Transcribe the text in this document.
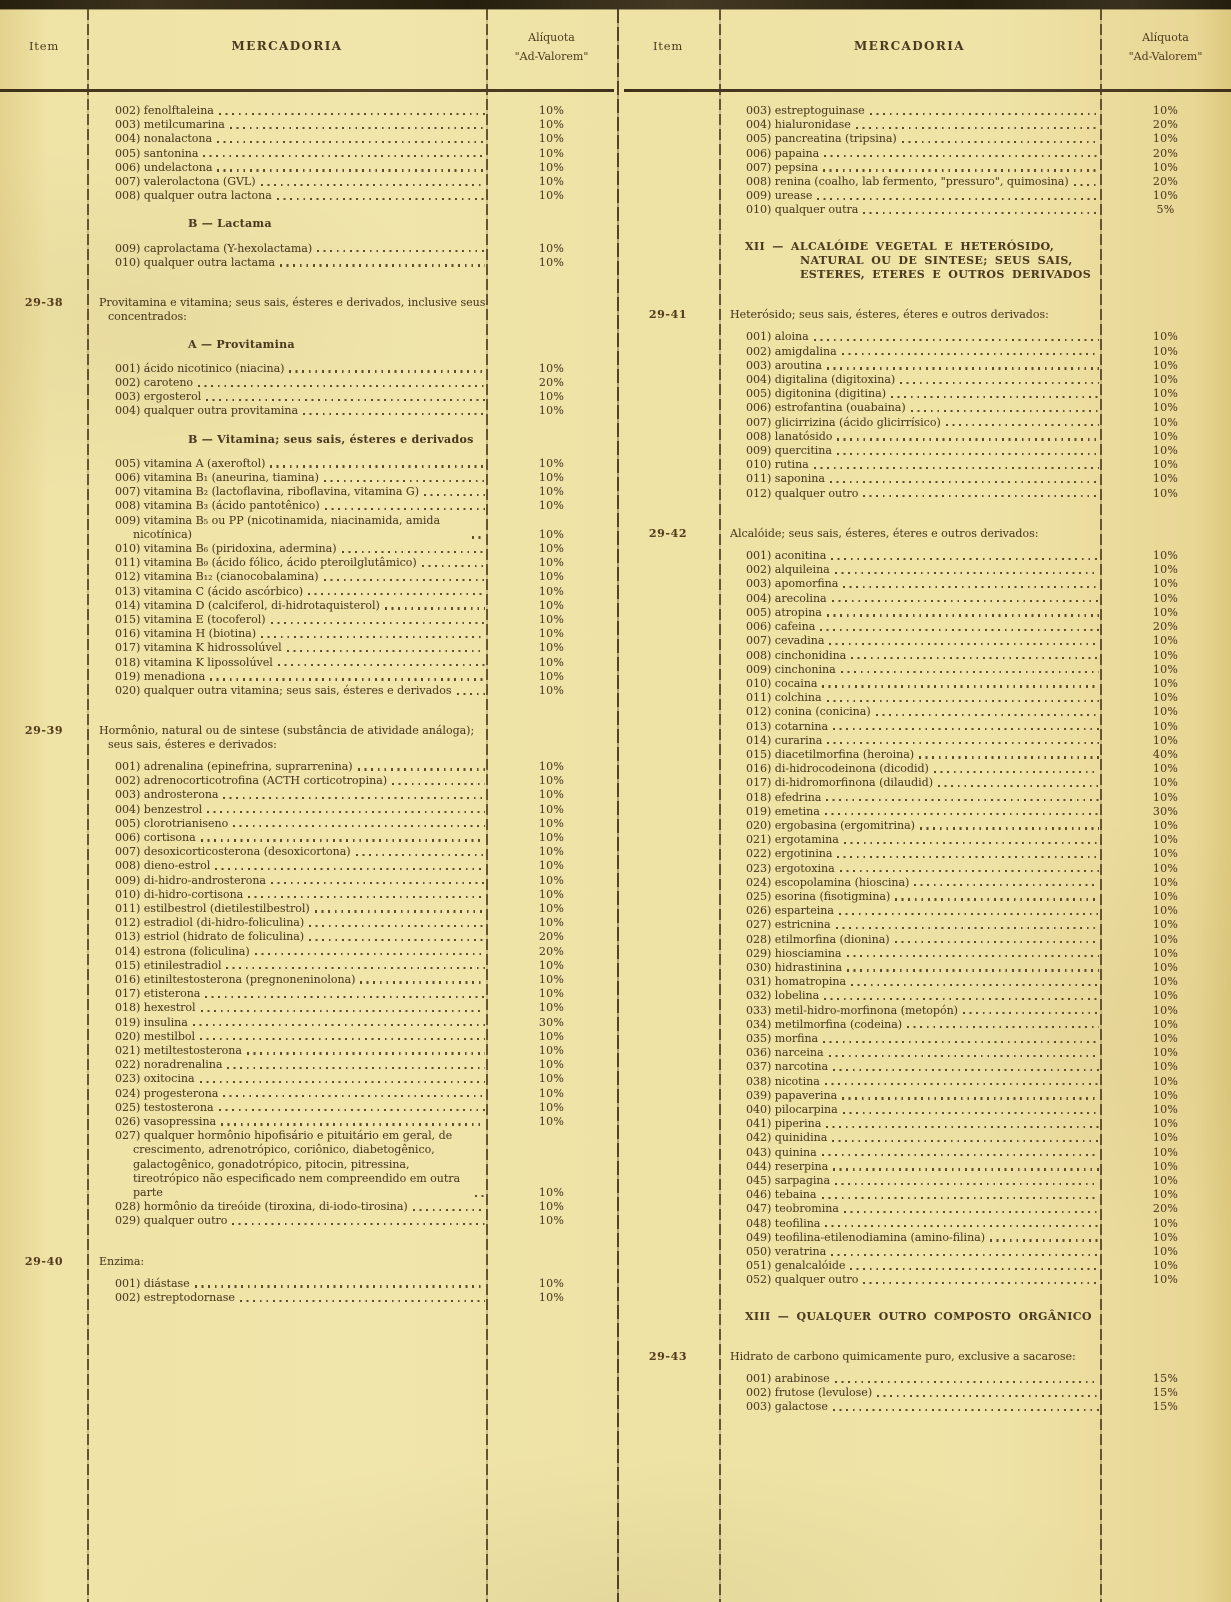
Item	MERCADORIA
Alíquota
"Ad-Valorem"
002) fenolftaleina	10%
003) metilcumarina	10%
004) nonalactona	10%
005) santonina	10%
006) undelactona	10%
007) valerolactona (GVL)	10%
008) qualquer outra lactona	10%
B — Lactama
009) caprolactama (Y-hexolactama)	10%
010) qualquer outra lactama	10%
29-38	Provitamina e vitamina; seus sais, ésteres e derivados, inclusive seus concentrados:
A — Provitamina
001) ácido nicotinico (niacina)	10%
002) caroteno	20%
003) ergosterol	10%
004) qualquer outra provitamina	10%
B — Vitamina; seus sais, ésteres e derivados
005) vitamina A (axeroftol)	10%
006) vitamina B₁ (aneurina, tiamina)	10%
007) vitamina B₂ (lactoflavina, riboflavina, vitamina G)	10%
008) vitamina B₃ (ácido pantotênico)	10%
009) vitamina B₅ ou PP (nicotinamida, niacinamida, amida nicotínica)	10%
010) vitamina B₆ (piridoxina, adermina)	10%
011) vitamina B₉ (ácido fólico, ácido pteroilglutâmico)	10%
012) vitamina B₁₂ (cianocobalamina)	10%
013) vitamina C (ácido ascórbico)	10%
014) vitamina D (calciferol, di-hidrotaquisterol)	10%
015) vitamina E (tocoferol)	10%
016) vitamina H (biotina)	10%
017) vitamina K hidrossolúvel	10%
018) vitamina K lipossolúvel	10%
019) menadiona	10%
020) qualquer outra vitamina; seus sais, ésteres e derivados	10%
29-39	Hormônio, natural ou de sintese (substância de atividade análoga); seus sais, ésteres e derivados:
001) adrenalina (epinefrina, suprarrenina)	10%
002) adrenocorticotrofina (ACTH corticotropina)	10%
003) androsterona	10%
004) benzestrol	10%
005) clorotrianiseno	10%
006) cortisona	10%
007) desoxicorticosterona (desoxicortona)	10%
008) dieno-estrol	10%
009) di-hidro-androsterona	10%
010) di-hidro-cortisona	10%
011) estilbestrol (dietilestilbestrol)	10%
012) estradiol (di-hidro-foliculina)	10%
013) estriol (hidrato de foliculina)	20%
014) estrona (foliculina)	20%
015) etinilestradiol	10%
016) etiniltestosterona (pregnoneninolona)	10%
017) etisterona	10%
018) hexestrol	10%
019) insulina	30%
020) mestilbol	10%
021) metiltestosterona	10%
022) noradrenalina	10%
023) oxitocina	10%
024) progesterona	10%
025) testosterona	10%
026) vasopressina	10%
027) qualquer hormônio hipofisário e pituitário em geral, de crescimento, adrenotrópico, coriônico, diabetogênico, galactogênico, gonadotrópico, pitocin, pitressina, tireotrópico não especificado nem compreendido em outra parte	10%
028) hormônio da tireóide (tiroxina, di-iodo-tirosina)	10%
029) qualquer outro	10%
29-40	Enzima:
001) diástase	10%
002) estreptodornase	10%
Item	MERCADORIA
Alíquota
"Ad-Valorem"
003) estreptoguinase	10%
004) hialuronidase	20%
005) pancreatina (tripsina)	10%
006) papaina	20%
007) pepsina	10%
008) renina (coalho, lab fermento, "pressuro", quimosina)	20%
009) urease	10%
010) qualquer outra	5%
XII — ALCALÓIDE VEGETAL E HETERÓSIDO, NATURAL OU DE SINTESE; SEUS SAIS, ESTERES, ETERES E OUTROS DERIVADOS
29-41	Heterósido; seus sais, ésteres, éteres e outros derivados:
001) aloina	10%
002) amigdalina	10%
003) aroutina	10%
004) digitalina (digitoxina)	10%
005) digitonina (digitina)	10%
006) estrofantina (ouabaina)	10%
007) glicirrizina (ácido glicirrísico)	10%
008) lanatósido	10%
009) quercitina	10%
010) rutina	10%
011) saponina	10%
012) qualquer outro	10%
29-42	Alcalóide; seus sais, ésteres, éteres e outros derivados:
001) aconitina	10%
002) alquileina	10%
003) apomorfina	10%
004) arecolina	10%
005) atropina	10%
006) cafeina	20%
007) cevadina	10%
008) cinchonidina	10%
009) cinchonina	10%
010) cocaina	10%
011) colchina	10%
012) conina (conicina)	10%
013) cotarnina	10%
014) curarina	10%
015) diacetilmorfina (heroina)	40%
016) di-hidrocodeinona (dicodid)	10%
017) di-hidromorfinona (dilaudid)	10%
018) efedrina	10%
019) emetina	30%
020) ergobasina (ergomitrina)	10%
021) ergotamina	10%
022) ergotinina	10%
023) ergotoxina	10%
024) escopolamina (hioscina)	10%
025) esorina (fisotigmina)	10%
026) esparteina	10%
027) estricnina	10%
028) etilmorfina (dionina)	10%
029) hiosciamina	10%
030) hidrastinina	10%
031) homatropina	10%
032) lobelina	10%
033) metil-hidro-morfinona (metopón)	10%
034) metilmorfina (codeina)	10%
035) morfina	10%
036) narceina	10%
037) narcotina	10%
038) nicotina	10%
039) papaverina	10%
040) pilocarpina	10%
041) piperina	10%
042) quinidina	10%
043) quinina	10%
044) reserpina	10%
045) sarpagina	10%
046) tebaina	10%
047) teobromina	20%
048) teofilina	10%
049) teofilina-etilenodiamina (amino-filina)	10%
050) veratrina	10%
051) genalcalóide	10%
052) qualquer outro	10%
XIII — QUALQUER OUTRO COMPOSTO ORGÂNICO
29-43	Hidrato de carbono quimicamente puro, exclusive a sacarose:
001) arabinose	15%
002) frutose (levulose)	15%
003) galactose	15%
